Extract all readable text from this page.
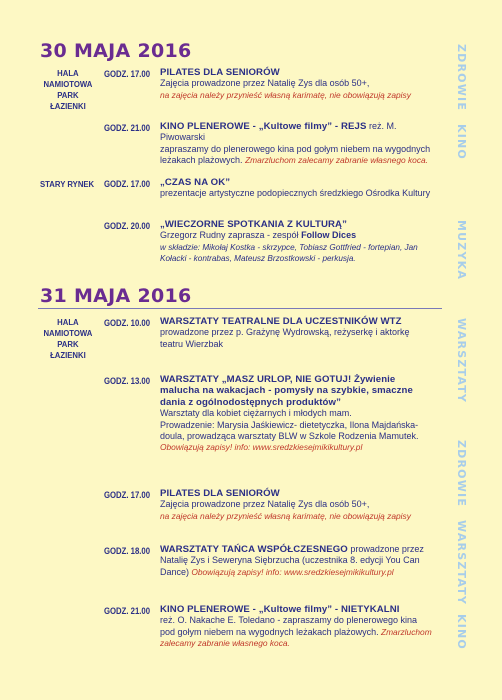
30 MAJA 2016
HALA
NAMIOTOWA
PARK ŁAZIENKI
GODZ. 17.00 PILATES DLA SENIORÓW
Zajęcia prowadzone przez Natalię Zys dla osób 50+,
na zajęcia należy przynieść własną karimatę, nie obowiązują zapisy
GODZ. 21.00 KINO PLENEROWE - „Kultowe filmy” - REJS reż. M. Piwowarski
zapraszamy do plenerowego kina pod gołym niebem na wygodnych leżakach plażowych. Zmarzluchom zalecamy zabranie własnego koca.
STARY RYNEK	GODZ. 17.00 „CZAS NA OK”
prezentacje artystyczne podopiecznych średzkiego Ośrodka Kultury
GODZ. 20.00 „WIECZORNE SPOTKANIA Z KULTURĄ”
Grzegorz Rudny zaprasza - zespół Follow Dices
w składzie: Mikołaj Kostka - skrzypce, Tobiasz Gottfried - fortepian, Jan Kołacki - kontrabas, Mateusz Brzostkowski - perkusja.
ZDROWIE
KINO
MUZYKA
31 MAJA 2016
HALA
NAMIOTOWA
PARK ŁAZIENKI
GODZ. 10.00 WARSZTATY TEATRALNE DLA UCZESTNIKÓW WTZ
prowadzone przez p. Grażynę Wydrowską, reżyserkę i aktorkę teatru Wierzbak
GODZ. 13.00 WARSZTATY „MASZ URLOP, NIE GOTUJ! Żywienie malucha na wakacjach - pomysły na szybkie, smaczne dania z ogólnodostępnych produktów”
Warsztaty dla kobiet ciężarnych i młodych mam.
Prowadzenie: Marysia Jaśkiewicz- dietetyczka, Ilona Majdańska-doula, prowadząca warsztaty BLW w Szkole Rodzenia Mamutek.
Obowiązują zapisy! info: www.sredzkiesejmikikultury.pl
GODZ. 17.00 PILATES DLA SENIORÓW
Zajęcia prowadzone przez Natalię Zys dla osób 50+,
na zajęcia należy przynieść własną karimatę, nie obowiązują zapisy
GODZ. 18.00 WARSZTATY TAŃCA WSPÓŁCZESNEGO prowadzone przez
Natalię Zys i Seweryna Siębrzucha (uczestnika 8. edycji You Can Dance) Obowiązują zapisy! info: www.sredzkiesejmikikultury.pl
GODZ. 21.00 KINO PLENEROWE - „Kultowe filmy” - NIETYKALNI
reż. O. Nakache E. Toledano - zapraszamy do plenerowego kina pod gołym niebem na wygodnych leżakach plażowych. Zmarzluchom zalecamy zabranie własnego koca.
WARSZTATY
ZDROWIE
WARSZTATY
KINO
